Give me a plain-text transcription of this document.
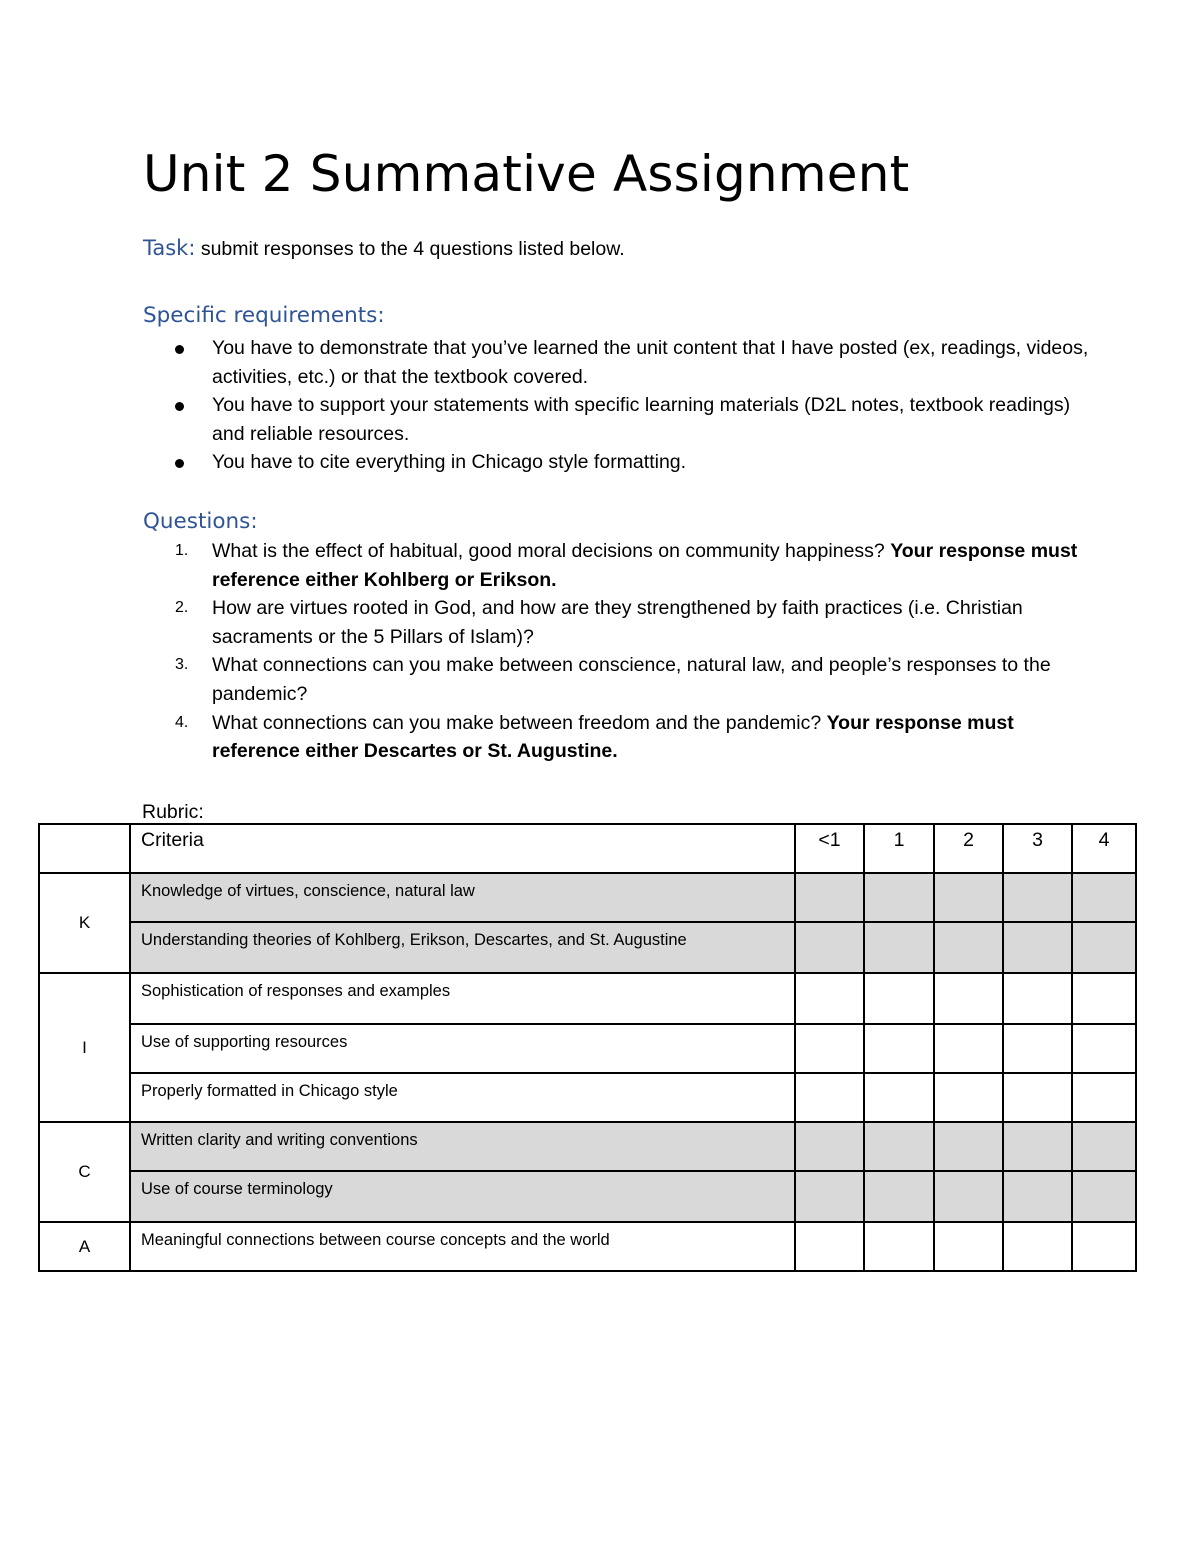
Unit 2 Summative Assignment

Task: submit responses to the 4 questions listed below.

Specific requirements:
You have to demonstrate that you’ve learned the unit content that I have posted (ex, readings, videos, activities, etc.) or that the textbook covered.
You have to support your statements with specific learning materials (D2L notes, textbook readings) and reliable resources.
You have to cite everything in Chicago style formatting.
Questions:
1. What is the effect of habitual, good moral decisions on community happiness? Your response must reference either Kohlberg or Erikson.
2. How are virtues rooted in God, and how are they strengthened by faith practices (i.e. Christian sacraments or the 5 Pillars of Islam)?
3. What connections can you make between conscience, natural law, and people’s responses to the pandemic?
4. What connections can you make between freedom and the pandemic? Your response must reference either Descartes or St. Augustine.

Rubric:

	Criteria	<1	1	2	3	4
K	Knowledge of virtues, conscience, natural law					
	Understanding theories of Kohlberg, Erikson, Descartes, and St. Augustine					
I	Sophistication of responses and examples					
	Use of supporting resources					
	Properly formatted in Chicago style					
C	Written clarity and writing conventions					
	Use of course terminology					
A	Meaningful connections between course concepts and the world					
